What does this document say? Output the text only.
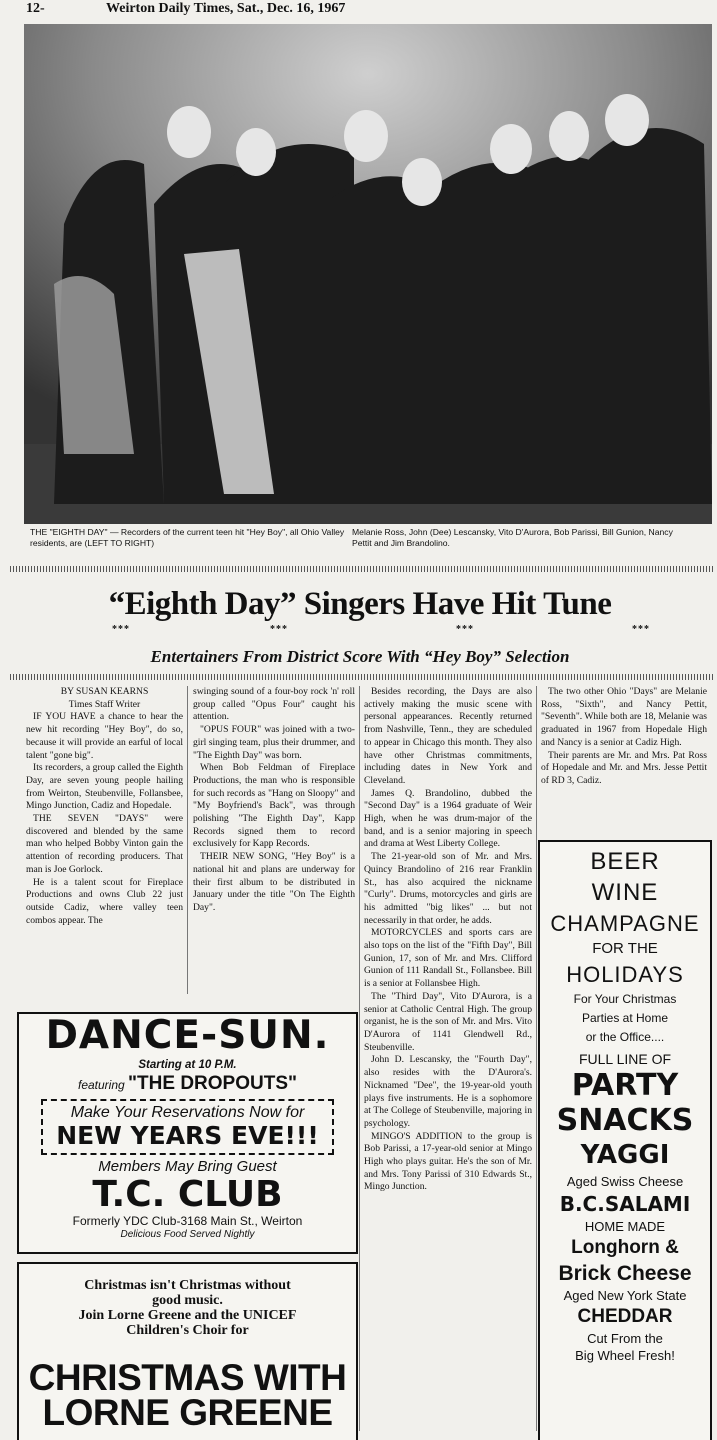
12-	Weirton Daily Times, Sat., Dec. 16, 1967
THE "EIGHTH DAY" — Recorders of the current teen hit "Hey Boy", all Ohio Valley residents, are (LEFT TO RIGHT)
Melanie Ross, John (Dee) Lescansky, Vito D'Aurora, Bob Parissi, Bill Gunion, Nancy Pettit and Jim Brandolino.
“Eighth Day” Singers Have Hit Tune
***	***	***	***
Entertainers From District Score With “Hey Boy” Selection

BY SUSAN KEARNS

Times Staff Writer

IF YOU HAVE a chance to hear the new hit recording "Hey Boy", do so, because it will provide an earful of local talent "gone big".

Its recorders, a group called the Eighth Day, are seven young people hailing from Weirton, Steubenville, Follansbee, Mingo Junction, Cadiz and Hopedale.

THE SEVEN "DAYS" were discovered and blended by the same man who helped Bobby Vinton gain the attention of recording producers. That man is Joe Gorlock.

He is a talent scout for Fireplace Productions and owns Club 22 just outside Cadiz, where valley teen combos appear. The

swinging sound of a four-boy rock 'n' roll group called "Opus Four" caught his attention.

"OPUS FOUR" was joined with a two-girl singing team, plus their drummer, and "The Eighth Day" was born.

When Bob Feldman of Fireplace Productions, the man who is responsible for such records as "Hang on Sloopy" and "My Boyfriend's Back", was through polishing "The Eighth Day", Kapp Records signed them to record exclusively for Kapp Records.

THEIR NEW SONG, "Hey Boy" is a national hit and plans are underway for their first album to be distributed in January under the title "On The Eighth Day".

Besides recording, the Days are also actively making the music scene with personal appearances. Recently returned from Nashville, Tenn., they are scheduled to appear in Chicago this month. They also have other Christmas commitments, including dates in New York and Cleveland.

James Q. Brandolino, dubbed the "Second Day" is a 1964 graduate of Weir High, when he was drum-major of the band, and is a senior majoring in speech and drama at West Liberty College.

The 21-year-old son of Mr. and Mrs. Quincy Brandolino of 216 rear Franklin St., has also acquired the nickname "Curly". Drums, motorcycles and girls are his admitted "big likes" ... but not necessarily in that order, he adds.

MOTORCYCLES and sports cars are also tops on the list of the "Fifth Day", Bill Gunion, 17, son of Mr. and Mrs. Clifford Gunion of 111 Randall St., Follansbee. Bill is a senior at Follansbee High.

The "Third Day", Vito D'Aurora, is a senior at Catholic Central High. The group organist, he is the son of Mr. and Mrs. Vito D'Aurora of 1141 Glendwell Rd., Steubenville.

John D. Lescansky, the "Fourth Day", also resides with the D'Aurora's. Nicknamed "Dee", the 19-year-old youth plays five instruments. He is a sophomore at The College of Steubenville, majoring in psychology.

MINGO'S ADDITION to the group is Bob Parissi, a 17-year-old senior at Mingo High who plays guitar. He's the son of Mr. and Mrs. Tony Parissi of 310 Edwards St., Mingo Junction.

The two other Ohio "Days" are Melanie Ross, "Sixth", and Nancy Pettit, "Seventh". While both are 18, Melanie was graduated in 1967 from Hopedale High and Nancy is a senior at Cadiz High.

Their parents are Mr. and Mrs. Pat Ross of Hopedale and Mr. and Mrs. Jesse Pettit of RD 3, Cadiz.

DANCE-SUN.
Starting at 10 P.M.
featuring "THE DROPOUTS"
Make Your Reservations Now for
NEW YEARS EVE!!!
Members May Bring Guest
T.C. CLUB
Formerly YDC Club-3168 Main St., Weirton
Delicious Food Served Nightly
Christmas isn't Christmas without
good music.
Join Lorne Greene and the UNICEF
Children's Choir for
CHRISTMAS WITH
LORNE GREENE
BEER
WINE
CHAMPAGNE
FOR THE
HOLIDAYS
For Your Christmas
Parties at Home
or the Office....
FULL LINE OF
PARTY
SNACKS
YAGGI
Aged Swiss Cheese
B.C.SALAMI
HOME MADE
Longhorn &
Brick Cheese
Aged New York State
CHEDDAR
Cut From the
Big Wheel Fresh!
